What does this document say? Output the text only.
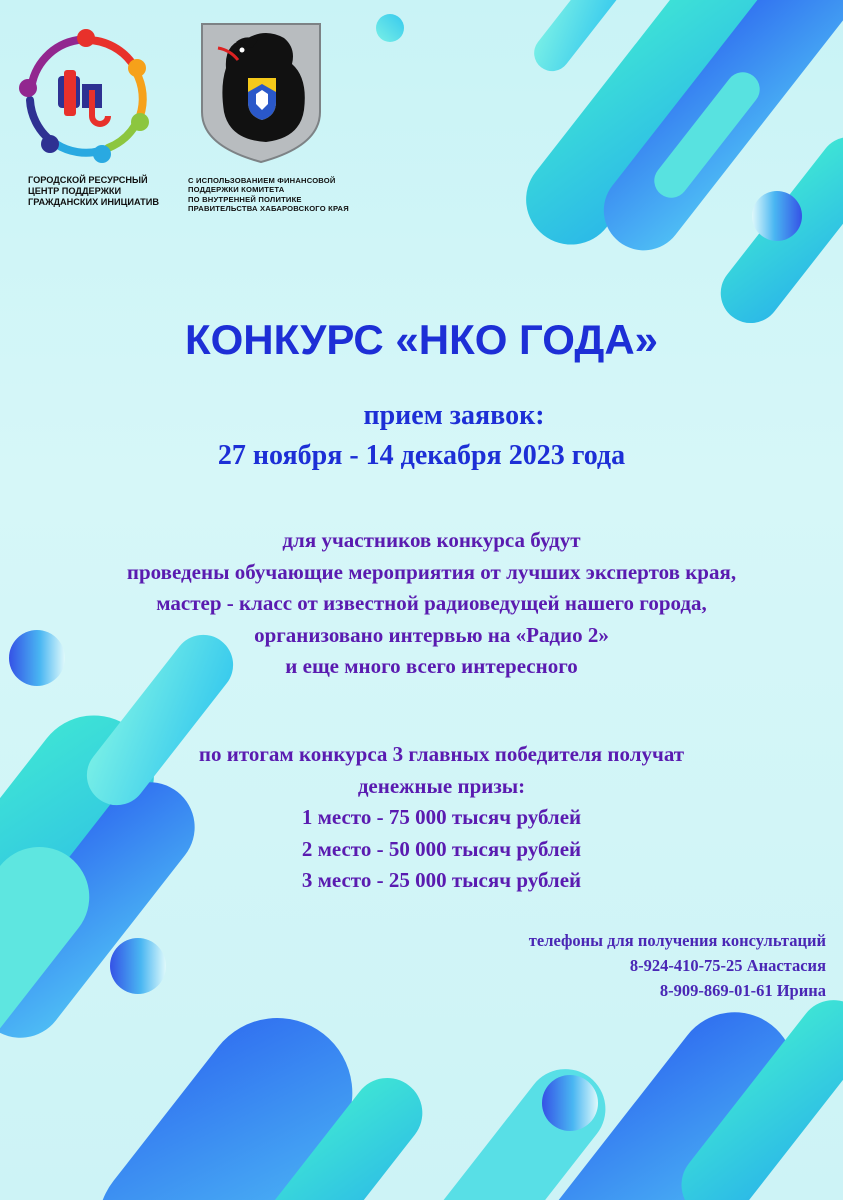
ГОРОДСКОЙ РЕСУРСНЫЙ
ЦЕНТР ПОДДЕРЖКИ
ГРАЖДАНСКИХ ИНИЦИАТИВ
С ИСПОЛЬЗОВАНИЕМ ФИНАНСОВОЙ
ПОДДЕРЖКИ КОМИТЕТА
ПО ВНУТРЕННЕЙ ПОЛИТИКЕ
ПРАВИТЕЛЬСТВА ХАБАРОВСКОГО КРАЯ
КОНКУРС «НКО ГОДА»
прием заявок:
27 ноября - 14 декабря 2023 года
для участников конкурса будут
проведены обучающие мероприятия от лучших экспертов края,
мастер - класс от известной радиоведущей нашего города,
организовано интервью на «Радио 2»
и еще много всего интересного
по итогам конкурса 3 главных победителя получат
денежные призы:
1 место - 75 000 тысяч рублей
2 место - 50 000 тысяч рублей
3 место - 25 000 тысяч рублей
телефоны для получения консультаций
8-924-410-75-25 Анастасия
8-909-869-01-61 Ирина
